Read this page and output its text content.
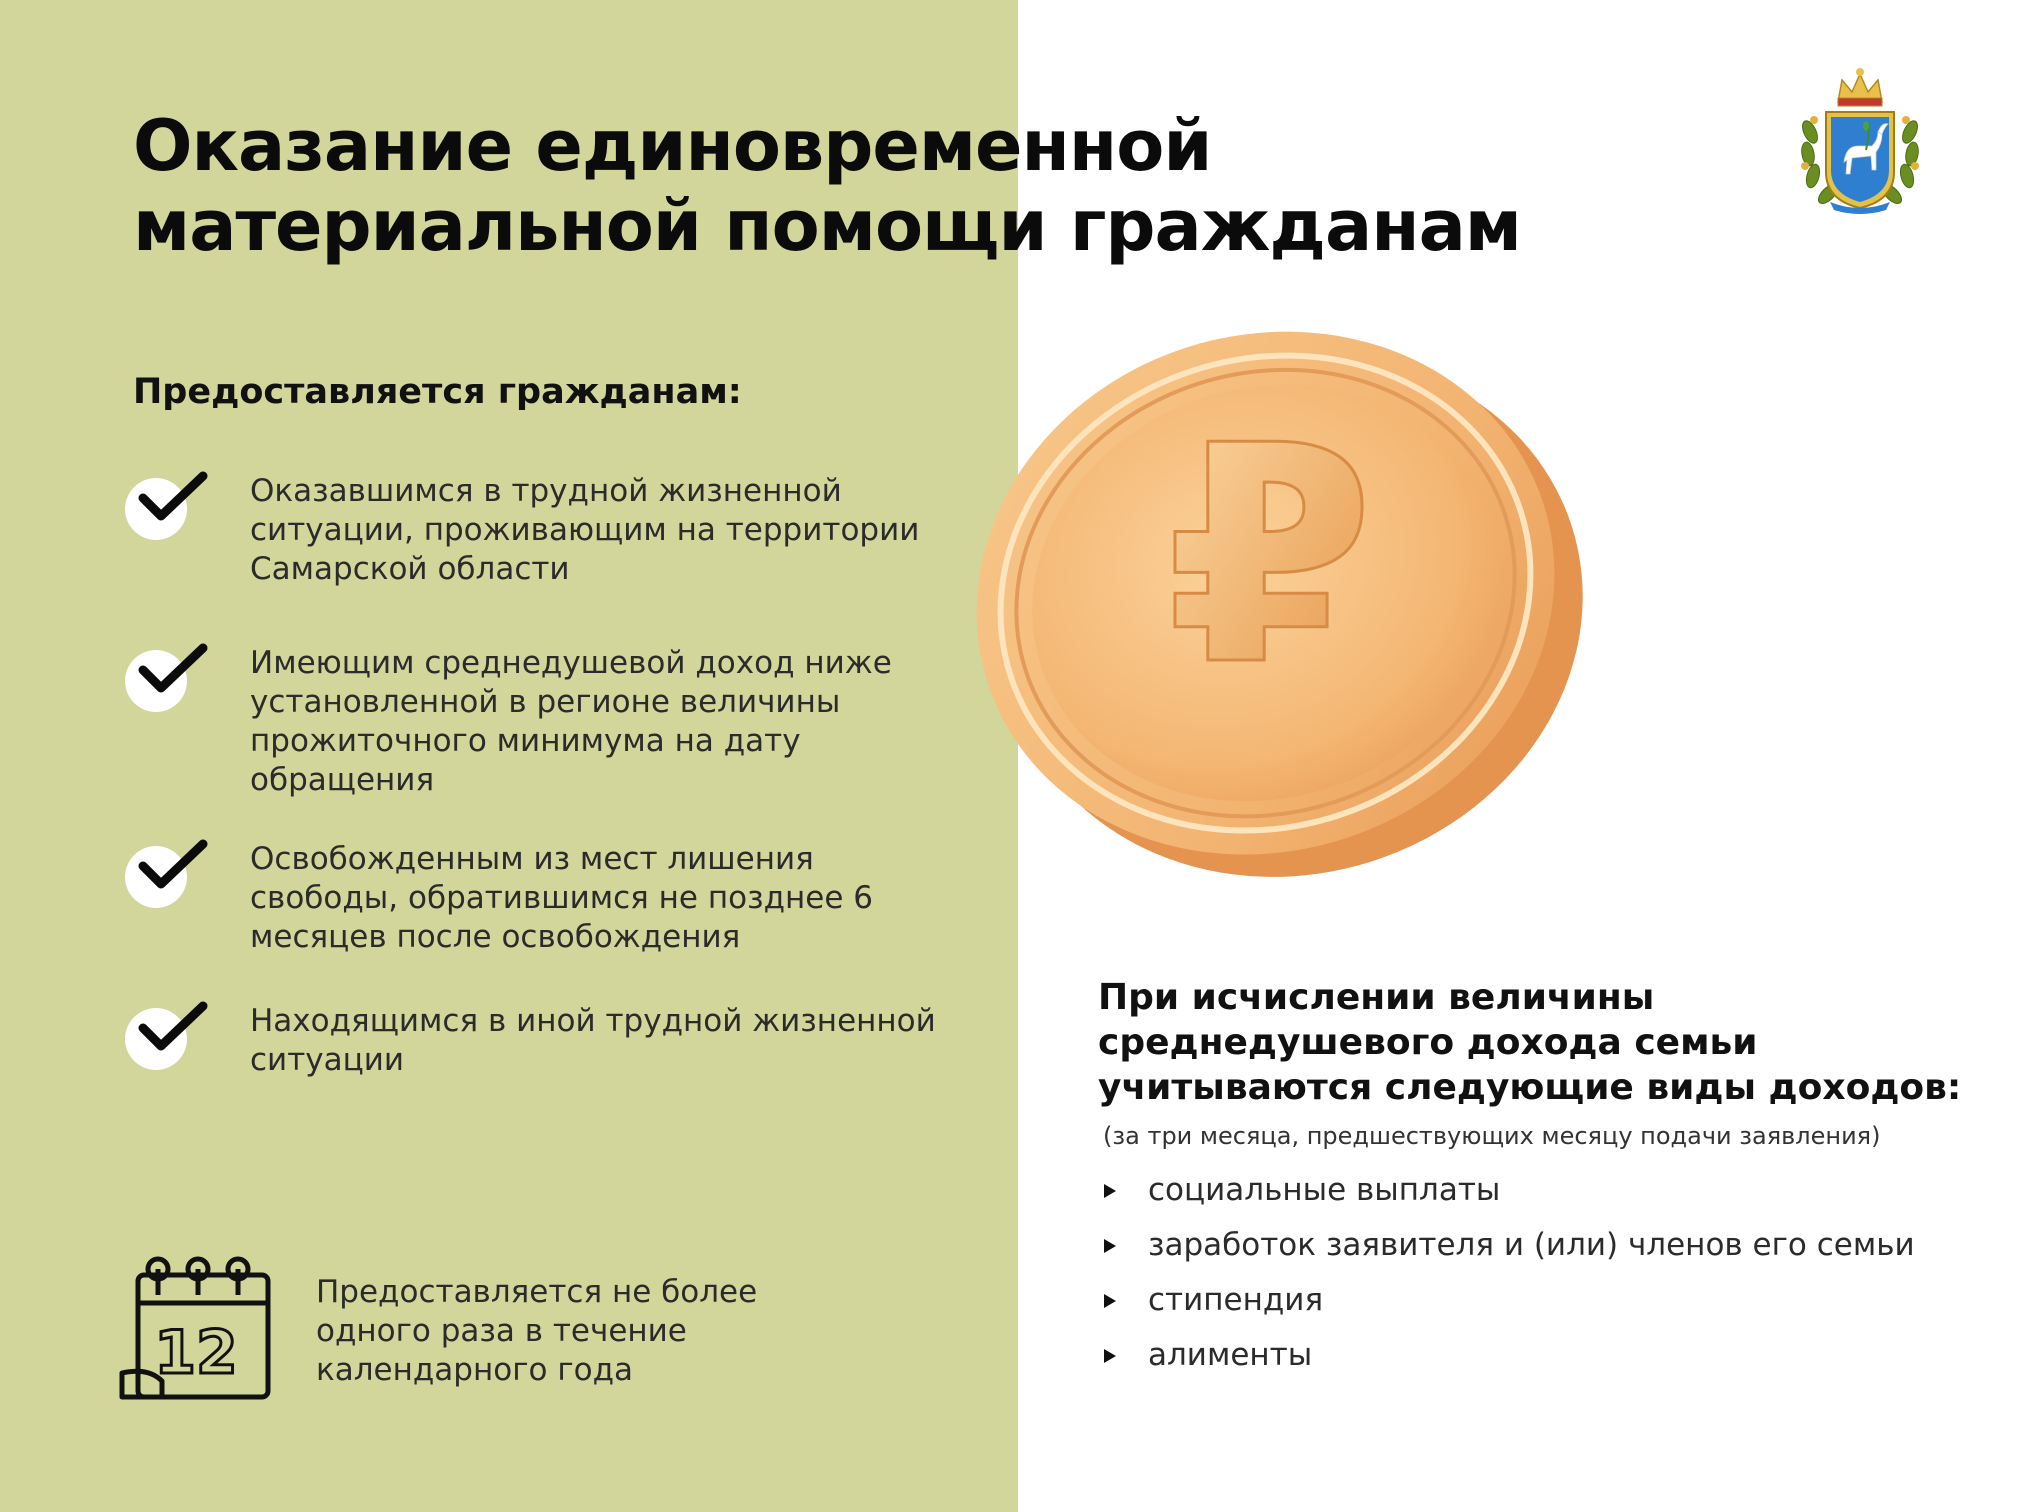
Оказание единовременной
материальной помощи гражданам
Предоставляется гражданам:
Оказавшимся в трудной жизненной ситуации, проживающим на территории Самарской области
Имеющим среднедушевой доход ниже установленной в регионе величины прожиточного минимума на дату обращения
Освобожденным из мест лишения свободы, обратившимся не позднее 6 месяцев после освобождения
Находящимся в иной трудной жизненной ситуации
12
Предоставляется не более одного раза в течение календарного года
₽
При исчислении величины
среднедушевого дохода семьи
учитываются следующие виды доходов:
(за три месяца, предшествующих месяцу подачи заявления)
социальные выплаты
заработок заявителя и (или) членов его семьи
стипендия
алименты
